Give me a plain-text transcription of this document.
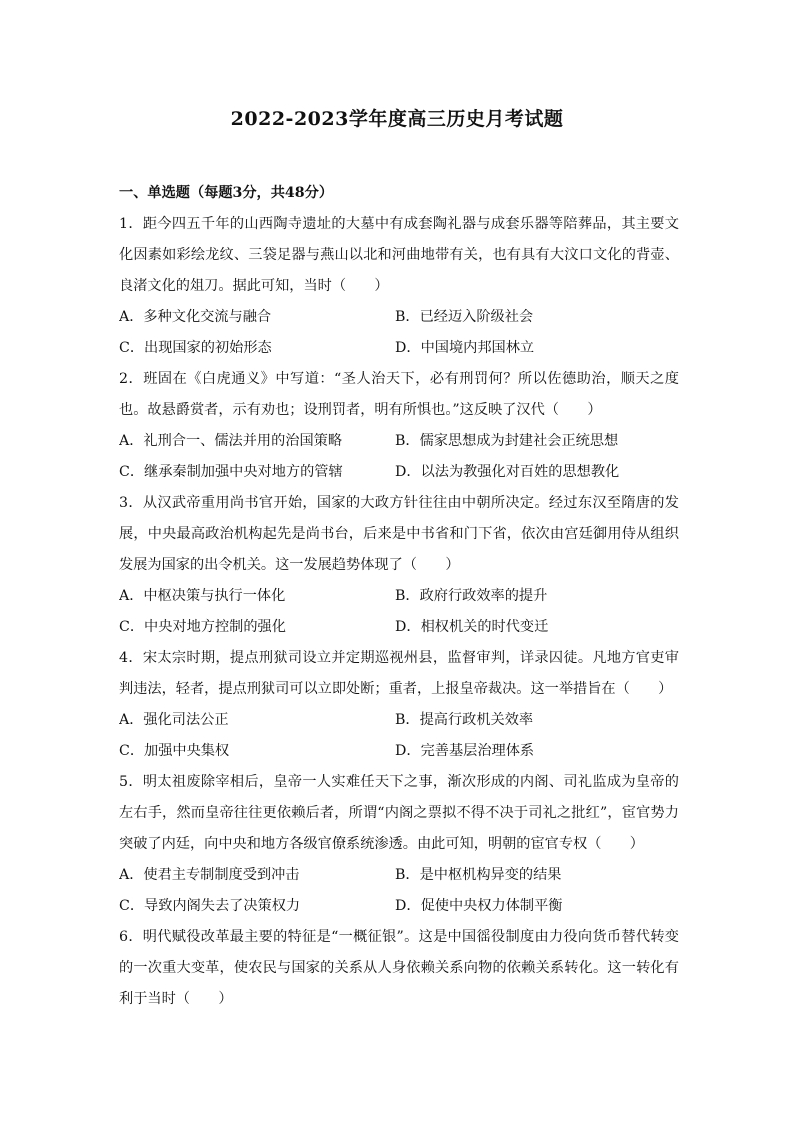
2022-2023学年度高三历史月考试题
一、单选题（每题3分，共48分）
1．距今四五千年的山西陶寺遗址的大墓中有成套陶礼器与成套乐器等陪葬品，其主要文化因素如彩绘龙纹、三袋足器与燕山以北和河曲地带有关，也有具有大汶口文化的背壶、良渚文化的俎刀。据此可知，当时（　　）
A．多种文化交流与融合	B．已经迈入阶级社会
C．出现国家的初始形态	D．中国境内邦国林立
2．班固在《白虎通义》中写道：“圣人治天下，必有刑罚何？所以佐德助治，顺天之度也。故悬爵赏者，示有劝也；设刑罚者，明有所惧也。”这反映了汉代（　　）
A．礼刑合一、儒法并用的治国策略	B．儒家思想成为封建社会正统思想
C．继承秦制加强中央对地方的管辖	D．以法为教强化对百姓的思想教化
3．从汉武帝重用尚书官开始，国家的大政方针往往由中朝所决定。经过东汉至隋唐的发展，中央最高政治机构起先是尚书台，后来是中书省和门下省，依次由宫廷御用侍从组织发展为国家的出令机关。这一发展趋势体现了（　　）
A．中枢决策与执行一体化	B．政府行政效率的提升
C．中央对地方控制的强化	D．相权机关的时代变迁
4．宋太宗时期，提点刑狱司设立并定期巡视州县，监督审判，详录囚徒。凡地方官吏审判违法，轻者，提点刑狱司可以立即处断；重者，上报皇帝裁决。这一举措旨在（　　）
A．强化司法公正	B．提高行政机关效率
C．加强中央集权	D．完善基层治理体系
5．明太祖废除宰相后，皇帝一人实难任天下之事，渐次形成的内阁、司礼监成为皇帝的左右手，然而皇帝往往更依赖后者，所谓“内阁之票拟不得不决于司礼之批红”，宦官势力突破了内廷，向中央和地方各级官僚系统渗透。由此可知，明朝的宦官专权（　　）
A．使君主专制制度受到冲击	B．是中枢机构异变的结果
C．导致内阁失去了决策权力	D．促使中央权力体制平衡
6．明代赋役改革最主要的特征是“一概征银”。这是中国徭役制度由力役向货币替代转变的一次重大变革，使农民与国家的关系从人身依赖关系向物的依赖关系转化。这一转化有利于当时（　　）
